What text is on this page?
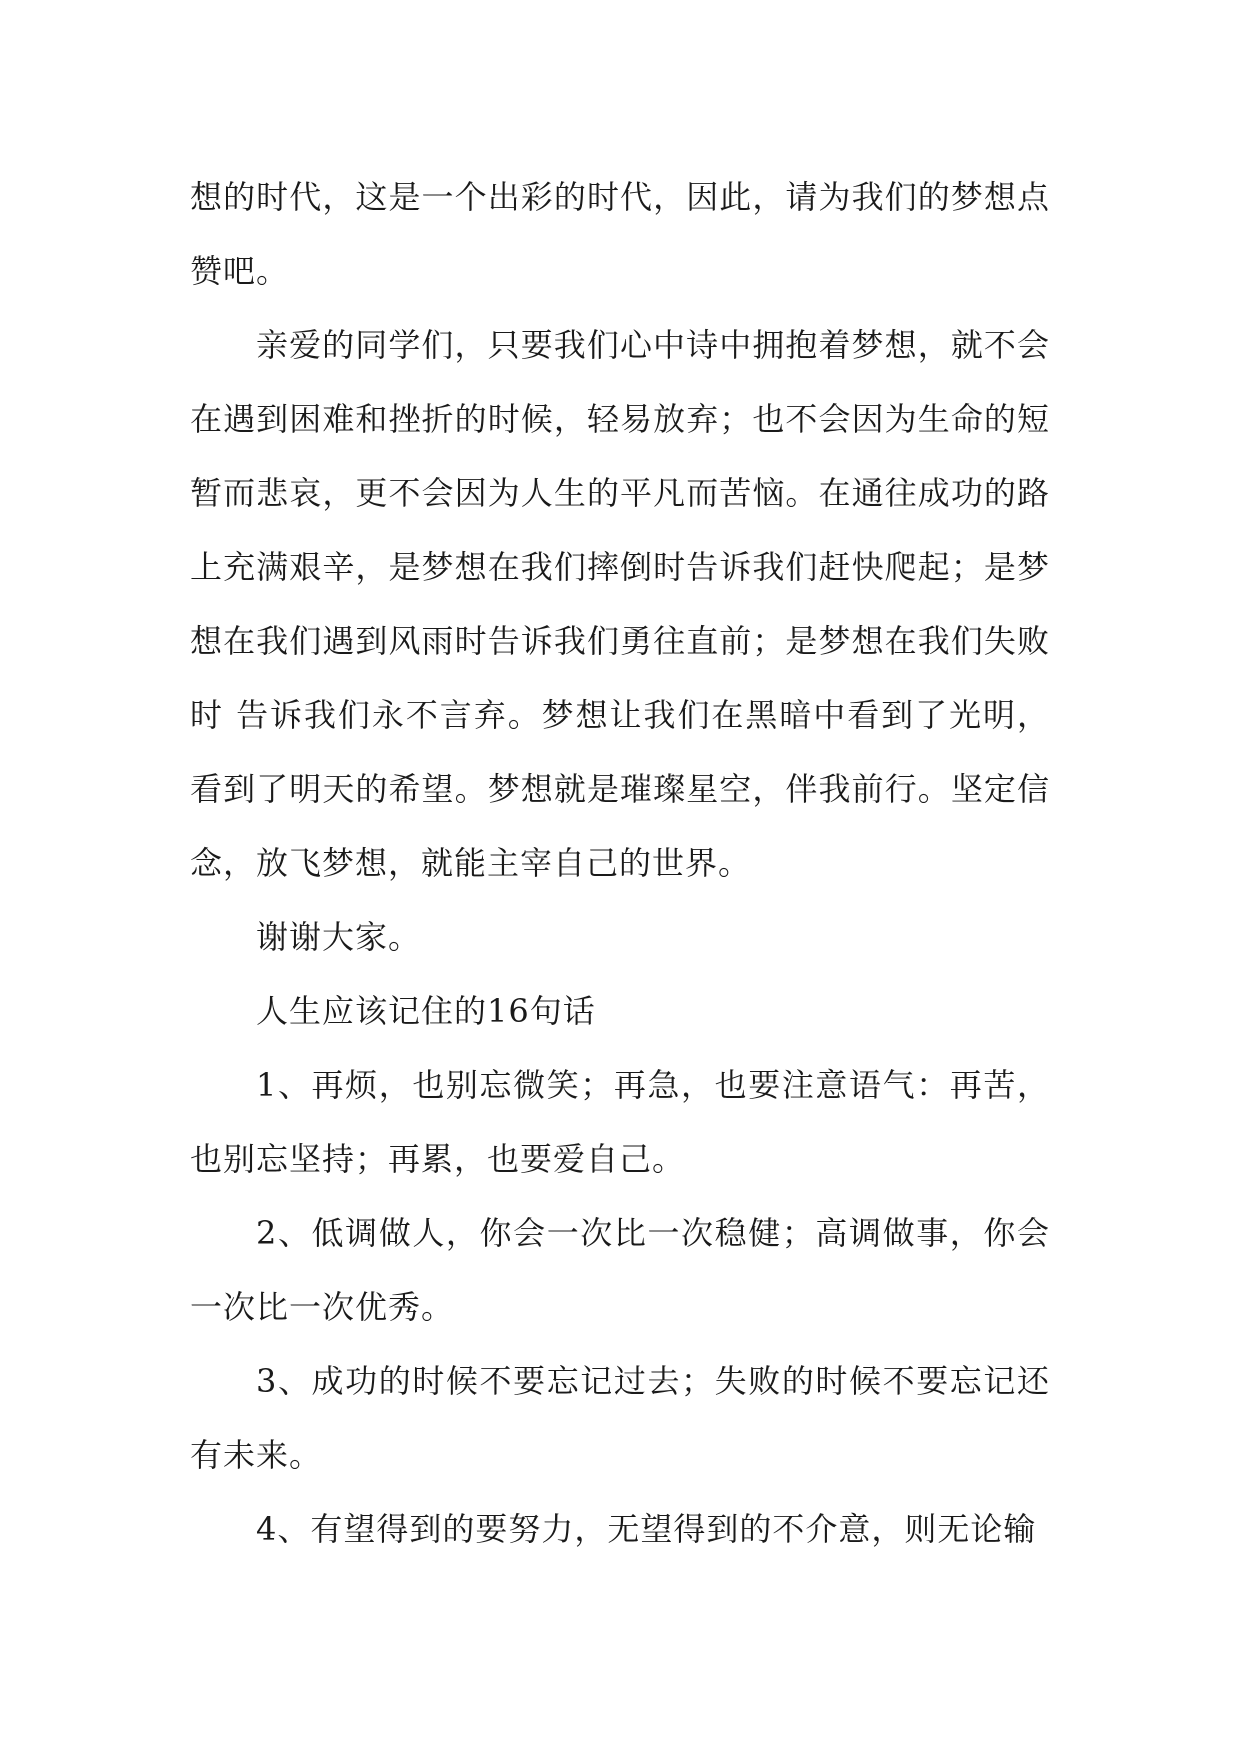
想的时代，这是一个出彩的时代，因此，请为我们的梦想点赞吧。

亲爱的同学们，只要我们心中诗中拥抱着梦想，就不会在遇到困难和挫折的时候，轻易放弃；也不会因为生命的短暂而悲哀，更不会因为人生的平凡而苦恼。在通往成功的路上充满艰辛，是梦想在我们摔倒时告诉我们赶快爬起；是梦想在我们遇到风雨时告诉我们勇往直前；是梦想在我们失败时 告诉我们永不言弃。梦想让我们在黑暗中看到了光明，看到了明天的希望。梦想就是璀璨星空，伴我前行。坚定信念，放飞梦想，就能主宰自己的世界。

谢谢大家。

人生应该记住的16句话

1、再烦，也别忘微笑；再急，也要注意语气：再苦，也别忘坚持；再累，也要爱自己。

2、低调做人，你会一次比一次稳健；高调做事，你会一次比一次优秀。

3、成功的时候不要忘记过去；失败的时候不要忘记还有未来。

4、有望得到的要努力，无望得到的不介意，则无论输
